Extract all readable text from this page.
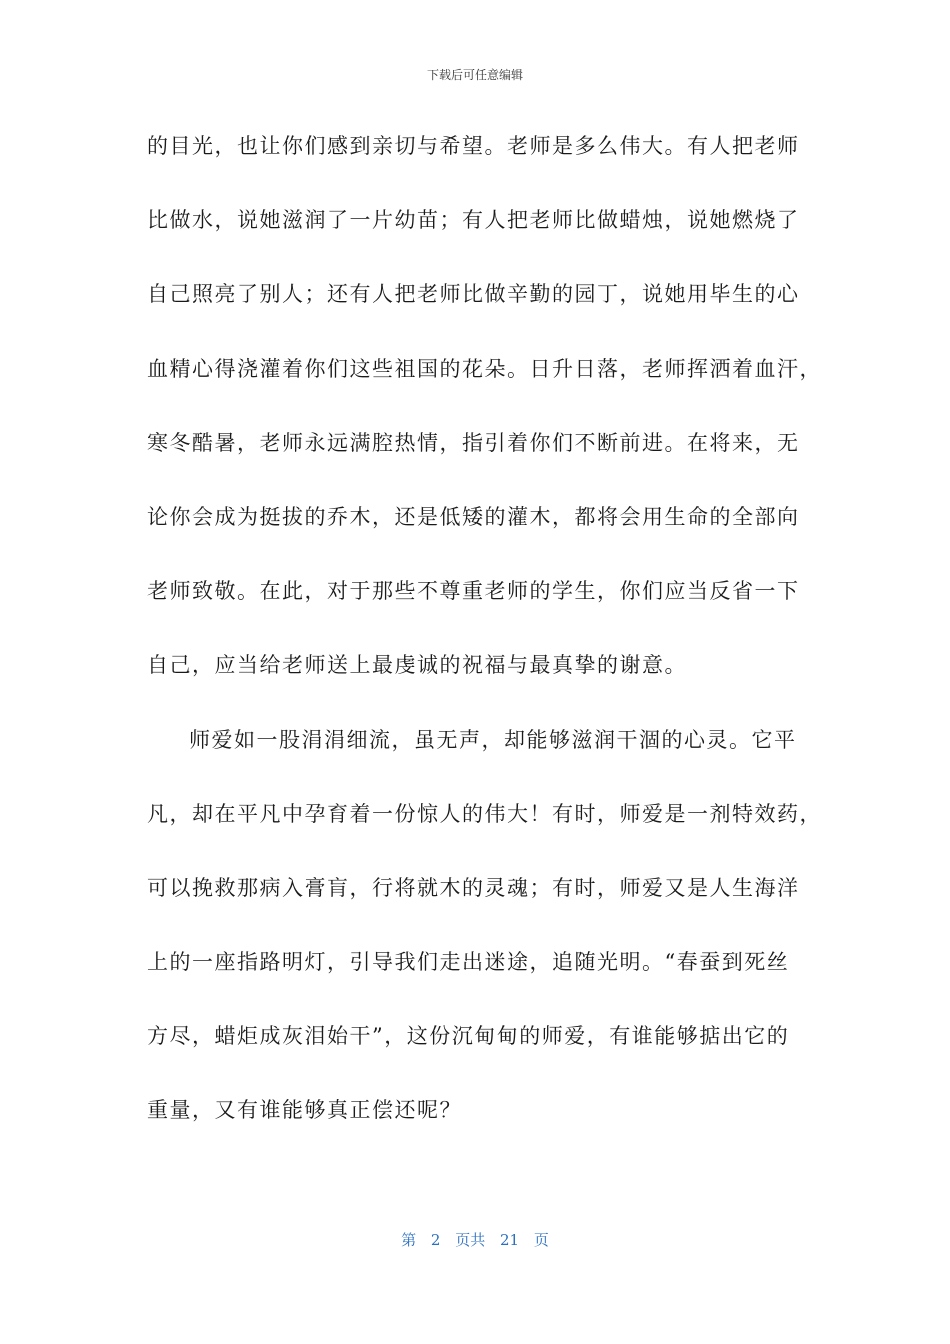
下载后可任意编辑
的目光，也让你们感到亲切与希望。老师是多么伟大。有人把老师
比做水，说她滋润了一片幼苗；有人把老师比做蜡烛，说她燃烧了
自己照亮了别人；还有人把老师比做辛勤的园丁，说她用毕生的心
血精心得浇灌着你们这些祖国的花朵。日升日落，老师挥洒着血汗，
寒冬酷暑，老师永远满腔热情，指引着你们不断前进。在将来，无
论你会成为挺拔的乔木，还是低矮的灌木，都将会用生命的全部向
老师致敬。在此，对于那些不尊重老师的学生，你们应当反省一下
自己，应当给老师送上最虔诚的祝福与最真挚的谢意。
师爱如一股涓涓细流，虽无声，却能够滋润干涸的心灵。它平
凡，却在平凡中孕育着一份惊人的伟大！有时，师爱是一剂特效药，
可以挽救那病入膏肓，行将就木的灵魂；有时，师爱又是人生海洋
上的一座指路明灯，引导我们走出迷途，追随光明。“春蚕到死丝
方尽，蜡炬成灰泪始干”，这份沉甸甸的师爱，有谁能够掂出它的
重量，又有谁能够真正偿还呢？
第 2 页共 21 页
